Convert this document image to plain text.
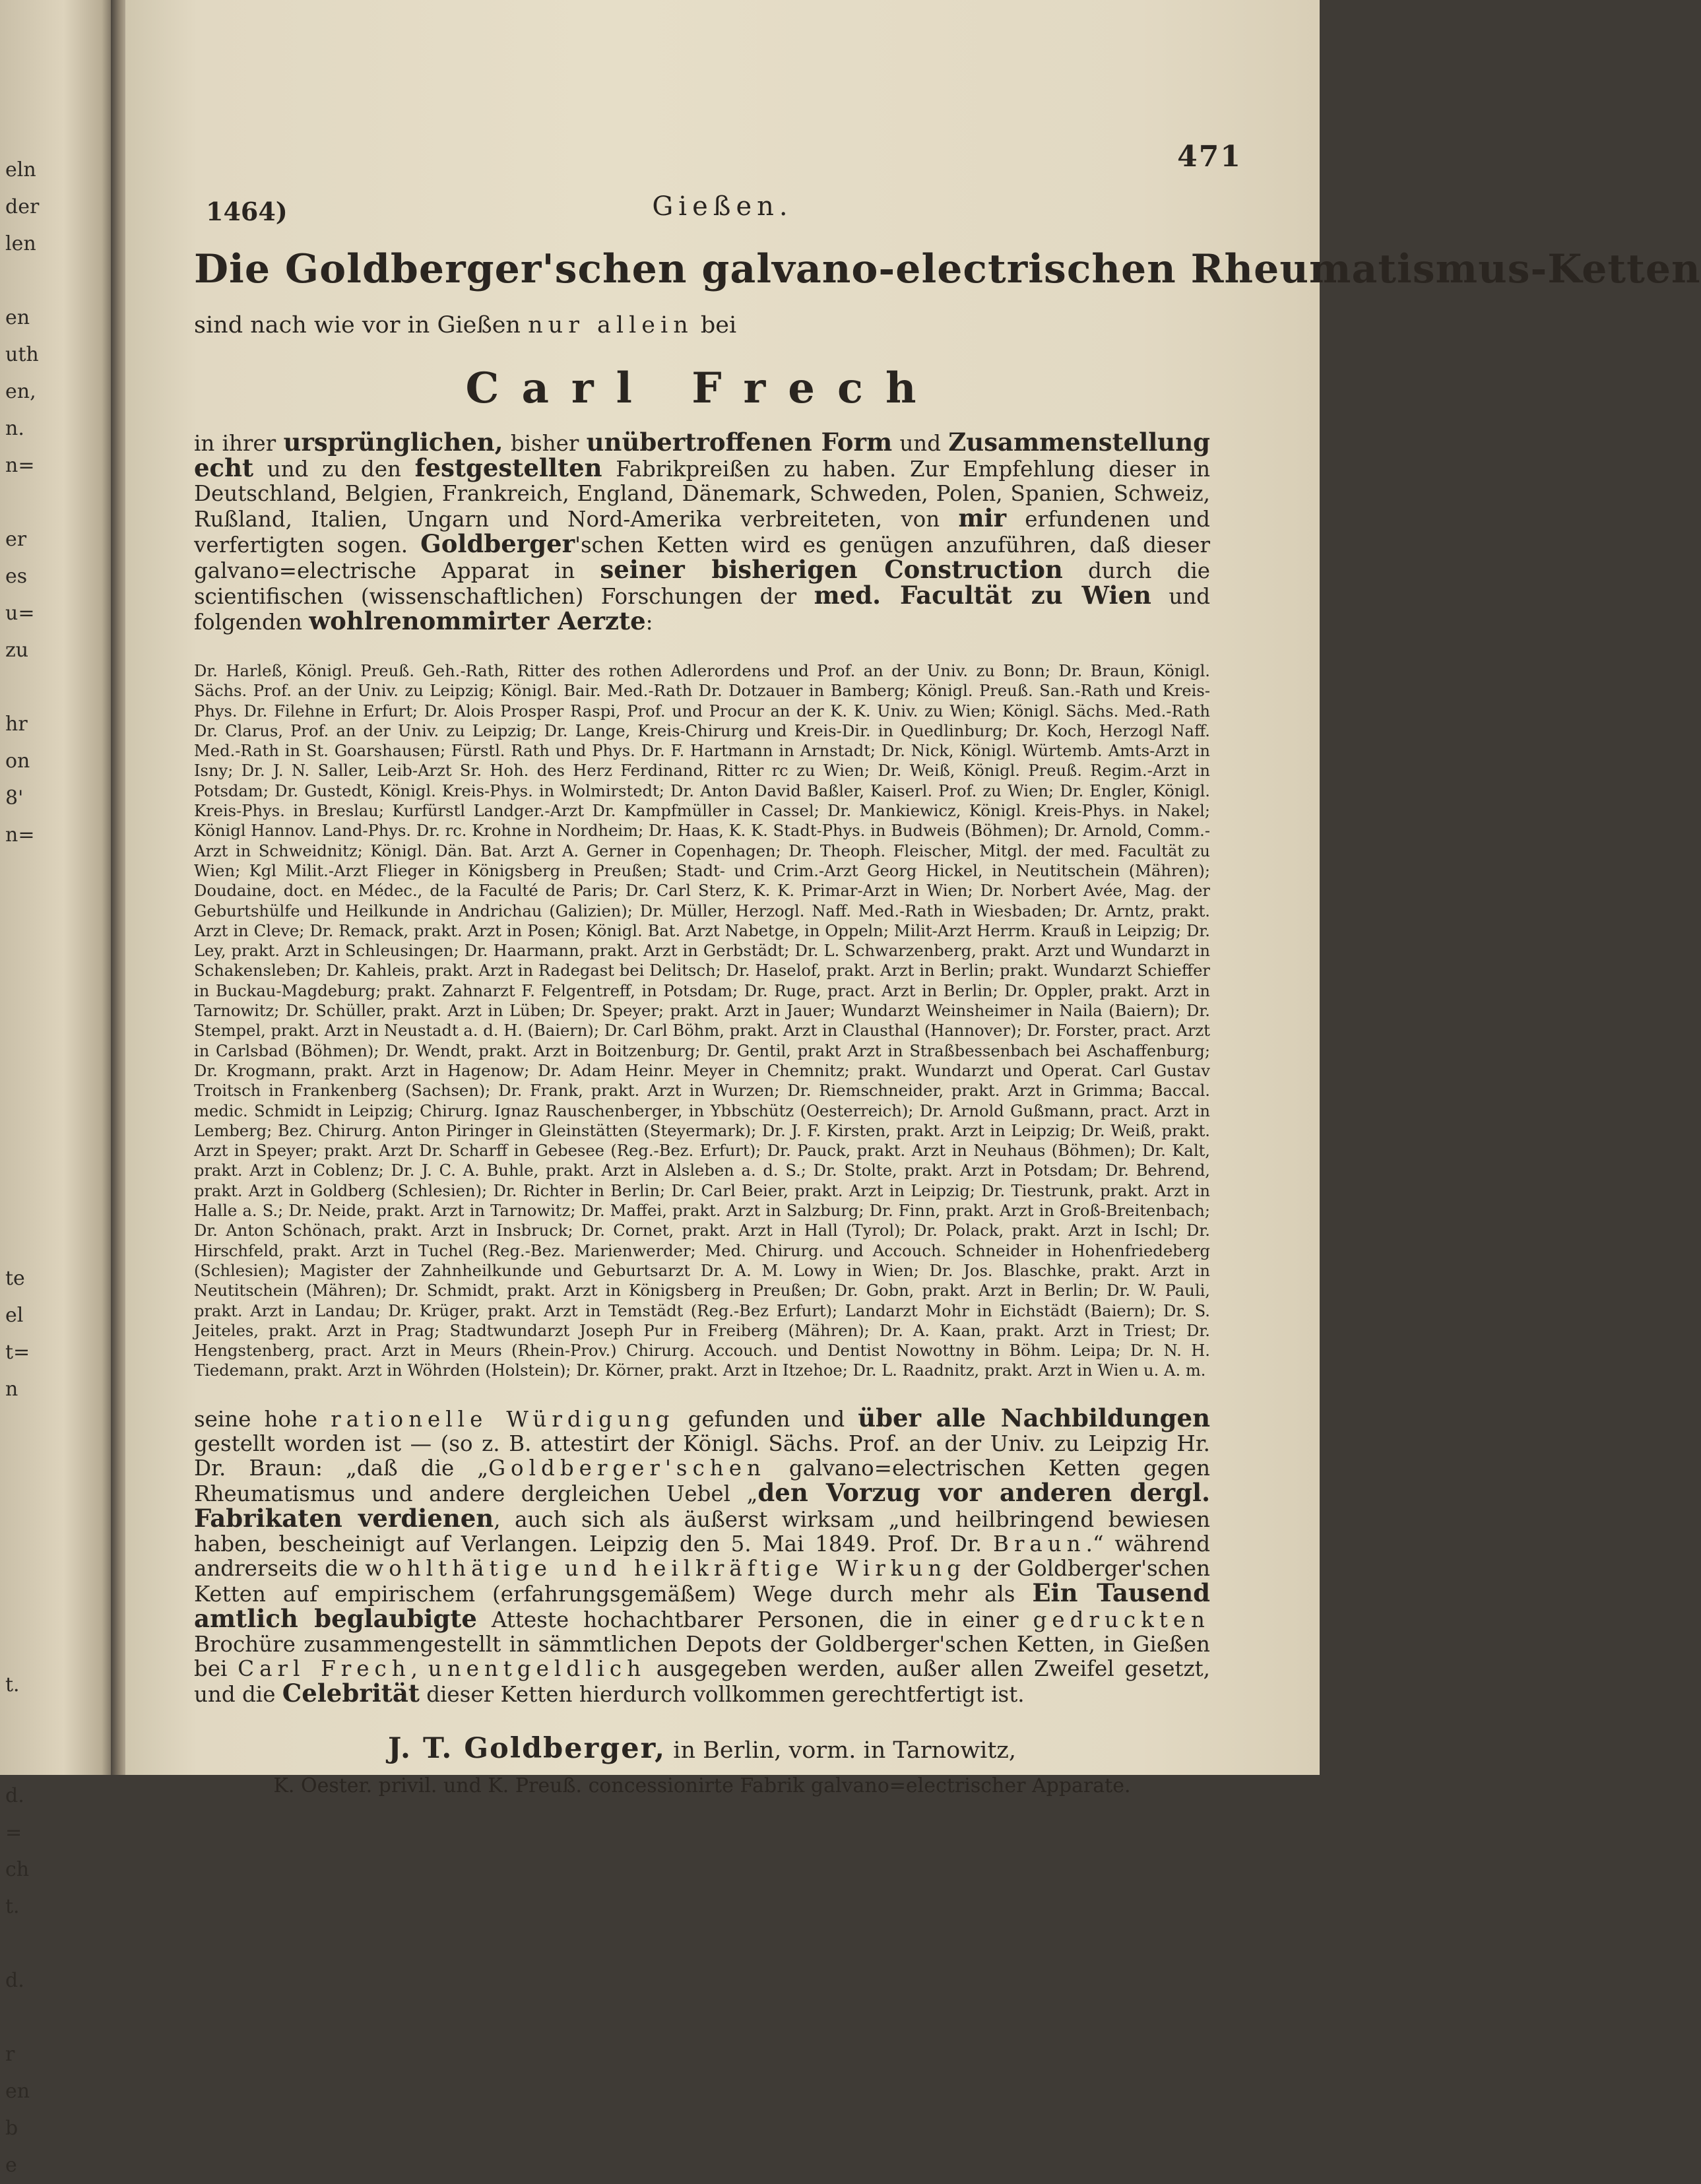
eln
der
len
en
uth
en,
n.
n=
er
es
u=
zu
hr
on
8'
n=
te
el
t=
n
t.
d.
=
ch
t.
d.
r
en
b
e
471
1464)	Gießen.
Die Goldberger'schen galvano-electrischen Rheumatismus-Ketten
sind nach wie vor in Gießen nur allein bei
Carl Frech

in ihrer ursprünglichen, bisher unübertroffenen Form und Zusammenstellung echt und zu den festgestellten Fabrikpreißen zu haben. Zur Empfehlung dieser in Deutschland, Belgien, Frankreich, England, Dänemark, Schweden, Polen, Spanien, Schweiz, Rußland, Italien, Ungarn und Nord-Amerika verbreiteten, von mir erfundenen und verfertigten sogen. Goldberger'schen Ketten wird es genügen anzuführen, daß dieser galvano=electrische Apparat in seiner bisherigen Construction durch die scientifischen (wissenschaftlichen) Forschungen der med. Facultät zu Wien und folgenden wohlrenommirter Aerzte:

Dr. Harleß, Königl. Preuß. Geh.-Rath, Ritter des rothen Adlerordens und Prof. an der Univ. zu Bonn; Dr. Braun, Königl. Sächs. Prof. an der Univ. zu Leipzig; Königl. Bair. Med.-Rath Dr. Dotzauer in Bamberg; Königl. Preuß. San.-Rath und Kreis-Phys. Dr. Filehne in Erfurt; Dr. Alois Prosper Raspi, Prof. und Procur an der K. K. Univ. zu Wien; Königl. Sächs. Med.-Rath Dr. Clarus, Prof. an der Univ. zu Leipzig; Dr. Lange, Kreis-Chirurg und Kreis-Dir. in Quedlinburg; Dr. Koch, Herzogl Naff. Med.-Rath in St. Goarshausen; Fürstl. Rath und Phys. Dr. F. Hartmann in Arnstadt; Dr. Nick, Königl. Würtemb. Amts-Arzt in Isny; Dr. J. N. Saller, Leib-Arzt Sr. Hoh. des Herz Ferdinand, Ritter rc zu Wien; Dr. Weiß, Königl. Preuß. Regim.-Arzt in Potsdam; Dr. Gustedt, Königl. Kreis-Phys. in Wolmirstedt; Dr. Anton David Baßler, Kaiserl. Prof. zu Wien; Dr. Engler, Königl. Kreis-Phys. in Breslau; Kurfürstl Landger.-Arzt Dr. Kampfmüller in Cassel; Dr. Mankiewicz, Königl. Kreis-Phys. in Nakel; Königl Hannov. Land-Phys. Dr. rc. Krohne in Nordheim; Dr. Haas, K. K. Stadt-Phys. in Budweis (Böhmen); Dr. Arnold, Comm.-Arzt in Schweidnitz; Königl. Dän. Bat. Arzt A. Gerner in Copenhagen; Dr. Theoph. Fleischer, Mitgl. der med. Facultät zu Wien; Kgl Milit.-Arzt Flieger in Königsberg in Preußen; Stadt- und Crim.-Arzt Georg Hickel, in Neutitschein (Mähren); Doudaine, doct. en Médec., de la Faculté de Paris; Dr. Carl Sterz, K. K. Primar-Arzt in Wien; Dr. Norbert Avée, Mag. der Geburtshülfe und Heilkunde in Andrichau (Galizien); Dr. Müller, Herzogl. Naff. Med.-Rath in Wiesbaden; Dr. Arntz, prakt. Arzt in Cleve; Dr. Remack, prakt. Arzt in Posen; Königl. Bat. Arzt Nabetge, in Oppeln; Milit-Arzt Herrm. Krauß in Leipzig; Dr. Ley, prakt. Arzt in Schleusingen; Dr. Haarmann, prakt. Arzt in Gerbstädt; Dr. L. Schwarzenberg, prakt. Arzt und Wundarzt in Schakensleben; Dr. Kahleis, prakt. Arzt in Radegast bei Delitsch; Dr. Haselof, prakt. Arzt in Berlin; prakt. Wundarzt Schieffer in Buckau-Magdeburg; prakt. Zahnarzt F. Felgentreff, in Potsdam; Dr. Ruge, pract. Arzt in Berlin; Dr. Oppler, prakt. Arzt in Tarnowitz; Dr. Schüller, prakt. Arzt in Lüben; Dr. Speyer; prakt. Arzt in Jauer; Wundarzt Weinsheimer in Naila (Baiern); Dr. Stempel, prakt. Arzt in Neustadt a. d. H. (Baiern); Dr. Carl Böhm, prakt. Arzt in Clausthal (Hannover); Dr. Forster, pract. Arzt in Carlsbad (Böhmen); Dr. Wendt, prakt. Arzt in Boitzenburg; Dr. Gentil, prakt Arzt in Straßbessenbach bei Aschaffenburg; Dr. Krogmann, prakt. Arzt in Hagenow; Dr. Adam Heinr. Meyer in Chemnitz; prakt. Wundarzt und Operat. Carl Gustav Troitsch in Frankenberg (Sachsen); Dr. Frank, prakt. Arzt in Wurzen; Dr. Riemschneider, prakt. Arzt in Grimma; Baccal. medic. Schmidt in Leipzig; Chirurg. Ignaz Rauschenberger, in Ybbschütz (Oesterreich); Dr. Arnold Gußmann, pract. Arzt in Lemberg; Bez. Chirurg. Anton Piringer in Gleinstätten (Steyermark); Dr. J. F. Kirsten, prakt. Arzt in Leipzig; Dr. Weiß, prakt. Arzt in Speyer; prakt. Arzt Dr. Scharff in Gebesee (Reg.-Bez. Erfurt); Dr. Pauck, prakt. Arzt in Neuhaus (Böhmen); Dr. Kalt, prakt. Arzt in Coblenz; Dr. J. C. A. Buhle, prakt. Arzt in Alsleben a. d. S.; Dr. Stolte, prakt. Arzt in Potsdam; Dr. Behrend, prakt. Arzt in Goldberg (Schlesien); Dr. Richter in Berlin; Dr. Carl Beier, prakt. Arzt in Leipzig; Dr. Tiestrunk, prakt. Arzt in Halle a. S.; Dr. Neide, prakt. Arzt in Tarnowitz; Dr. Maffei, prakt. Arzt in Salzburg; Dr. Finn, prakt. Arzt in Groß-Breitenbach; Dr. Anton Schönach, prakt. Arzt in Insbruck; Dr. Cornet, prakt. Arzt in Hall (Tyrol); Dr. Polack, prakt. Arzt in Ischl; Dr. Hirschfeld, prakt. Arzt in Tuchel (Reg.-Bez. Marienwerder; Med. Chirurg. und Accouch. Schneider in Hohenfriedeberg (Schlesien); Magister der Zahnheilkunde und Geburtsarzt Dr. A. M. Lowy in Wien; Dr. Jos. Blaschke, prakt. Arzt in Neutitschein (Mähren); Dr. Schmidt, prakt. Arzt in Königsberg in Preußen; Dr. Gobn, prakt. Arzt in Berlin; Dr. W. Pauli, prakt. Arzt in Landau; Dr. Krüger, prakt. Arzt in Temstädt (Reg.-Bez Erfurt); Landarzt Mohr in Eichstädt (Baiern); Dr. S. Jeiteles, prakt. Arzt in Prag; Stadtwundarzt Joseph Pur in Freiberg (Mähren); Dr. A. Kaan, prakt. Arzt in Triest; Dr. Hengstenberg, pract. Arzt in Meurs (Rhein-Prov.) Chirurg. Accouch. und Dentist Nowottny in Böhm. Leipa; Dr. N. H. Tiedemann, prakt. Arzt in Wöhrden (Holstein); Dr. Körner, prakt. Arzt in Itzehoe; Dr. L. Raadnitz, prakt. Arzt in Wien u. A. m.

seine hohe rationelle Würdigung gefunden und über alle Nachbildungen gestellt worden ist — (so z. B. attestirt der Königl. Sächs. Prof. an der Univ. zu Leipzig Hr. Dr. Braun: „daß die „Goldberger'schen galvano=electrischen Ketten gegen Rheumatismus und andere dergleichen Uebel „den Vorzug vor anderen dergl. Fabrikaten verdienen, auch sich als äußerst wirksam „und heilbringend bewiesen haben, bescheinigt auf Verlangen. Leipzig den 5. Mai 1849. Prof. Dr. Braun.“ während andrerseits die wohlthätige und heilkräftige Wirkung der Goldberger'schen Ketten auf empirischem (erfahrungsgemäßem) Wege durch mehr als Ein Tausend amtlich beglaubigte Atteste hochachtbarer Personen, die in einer gedruckten Brochüre zusammengestellt in sämmtlichen Depots der Goldberger'schen Ketten, in Gießen bei Carl Frech, unentgeldlich ausgegeben werden, außer allen Zweifel gesetzt, und die Celebrität dieser Ketten hierdurch vollkommen gerechtfertigt ist.

J. T. Goldberger, in Berlin, vorm. in Tarnowitz,
K. Oester. privil. und K. Preuß. concessionirte Fabrik galvano=electrischer Apparate.
